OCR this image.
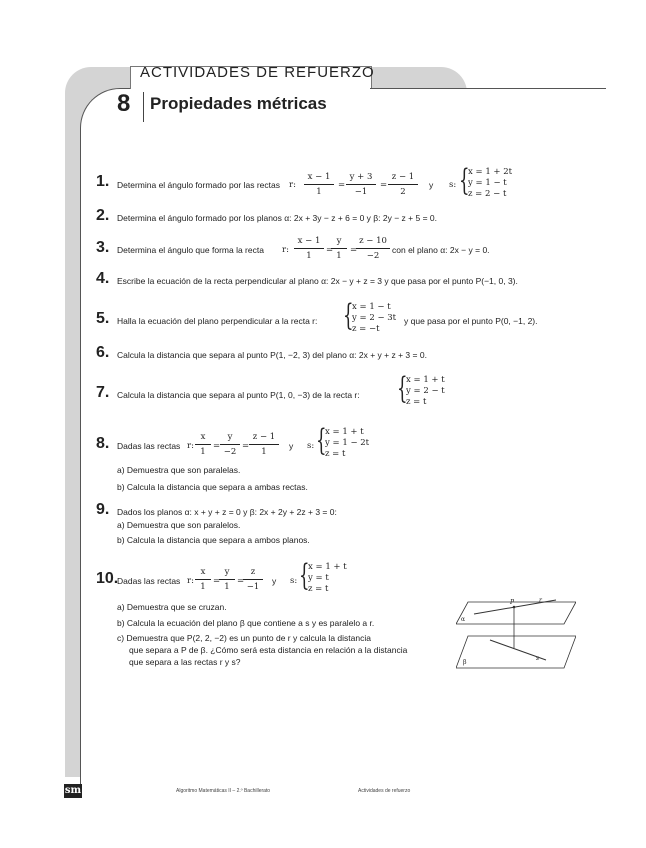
ACTIVIDADES DE REFUERZO
8 Propiedades métricas
1. Determina el ángulo formado por las rectas r: $\frac{x - 1}{1} = \frac{y + 3}{-1} = \frac{z - 1}{2}$ y s: {
x = 1 + 2t
y = 1 − t
z = 2 − t
2. Determina el ángulo formado por los planos α: 2x + 3y − z + 6 = 0 y β: 2y − z + 5 = 0.
3. Determina el ángulo que forma la recta r: $\frac{x - 1}{1}$ =
$\frac{y}{1}$ =
$\frac{z - 10}{-2}$ con el plano α: 2x − y = 0.
4. Escribe la ecuación de la recta perpendicular al plano α: 2x − y + z = 3 y que pasa por el punto P(−1, 0, 3).
5. Halla la ecuación del plano perpendicular a la recta r: {
x = 1 − t
y = 2 − 3t
z = −t
y que pasa por el punto P(0, −1, 2).
6. Calcula la distancia que separa al punto P(1, −2, 3) del plano α: 2x + y + z + 3 = 0.
7. Calcula la distancia que separa al punto P(1, 0, −3) de la recta r: {
x = 1 + t
y = 2 − t
z = t
8. Dadas las rectas r: $\frac{x}{1} = \frac{y}{-2} = \frac{z - 1}{1}$ y s: {
x = 1 + t
y = 1 − 2t
z = t
a) Demuestra que son paralelas.
b) Calcula la distancia que separa a ambas rectas.
9. Dados los planos α: x + y + z = 0 y β: 2x + 2y + 2z + 3 = 0:
a) Demuestra que son paralelos.
b) Calcula la distancia que separa a ambos planos.
10.
Dadas las rectas r: $\frac{x}{1}$ =
$\frac{y}{1}$ =
$\frac{z}{-1}$ y s: {
x = 1 + t
y = t
z = t
a) Demuestra que se cruzan.
b) Calcula la ecuación del plano β que contiene a s y es paralelo a r.
c) Demuestra que P(2, 2, −2) es un punto de r y calcula la distancia
que separa a P de β. ¿Cómo será esta distancia en relación a la distancia
que separa a las rectas r y s?
r
P
α
β
s
sm	Algoritmo Matemáticas II – 2.º Bachillerato	Actividades de refuerzo
